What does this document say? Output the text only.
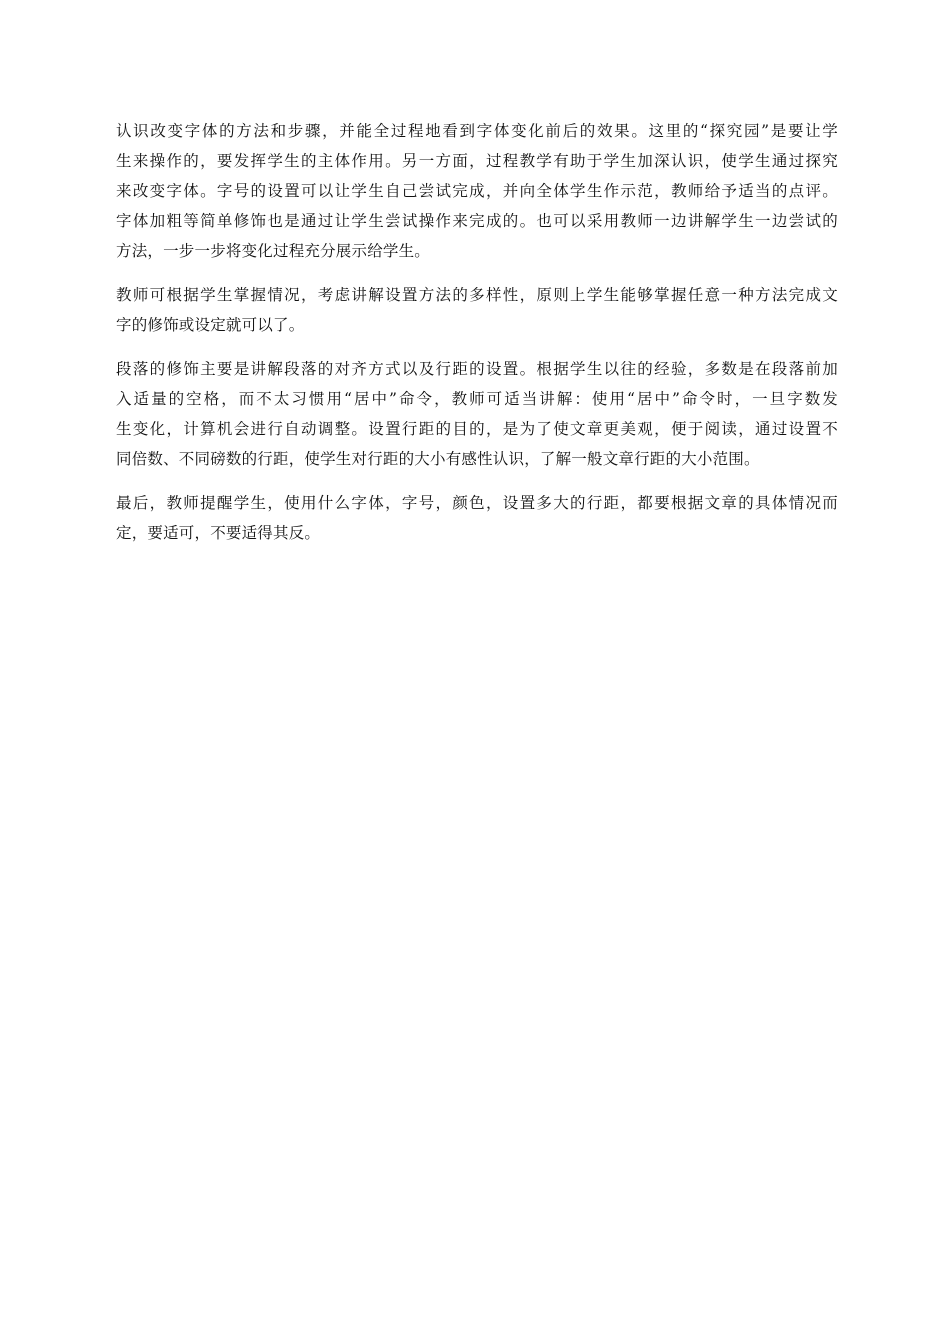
认识改变字体的方法和步骤，并能全过程地看到字体变化前后的效果。这里的“探究园”是要让学
生来操作的，要发挥学生的主体作用。另一方面，过程教学有助于学生加深认识，使学生通过探究
来改变字体。字号的设置可以让学生自己尝试完成，并向全体学生作示范，教师给予适当的点评。
字体加粗等简单修饰也是通过让学生尝试操作来完成的。也可以采用教师一边讲解学生一边尝试的
方法，一步一步将变化过程充分展示给学生。

教师可根据学生掌握情况，考虑讲解设置方法的多样性，原则上学生能够掌握任意一种方法完成文
字的修饰或设定就可以了。

段落的修饰主要是讲解段落的对齐方式以及行距的设置。根据学生以往的经验，多数是在段落前加
入适量的空格，而不太习惯用“居中”命令，教师可适当讲解：使用“居中”命令时，一旦字数发
生变化，计算机会进行自动调整。设置行距的目的，是为了使文章更美观，便于阅读，通过设置不
同倍数、不同磅数的行距，使学生对行距的大小有感性认识，了解一般文章行距的大小范围。

最后，教师提醒学生，使用什么字体，字号，颜色，设置多大的行距，都要根据文章的具体情况而
定，要适可，不要适得其反。
